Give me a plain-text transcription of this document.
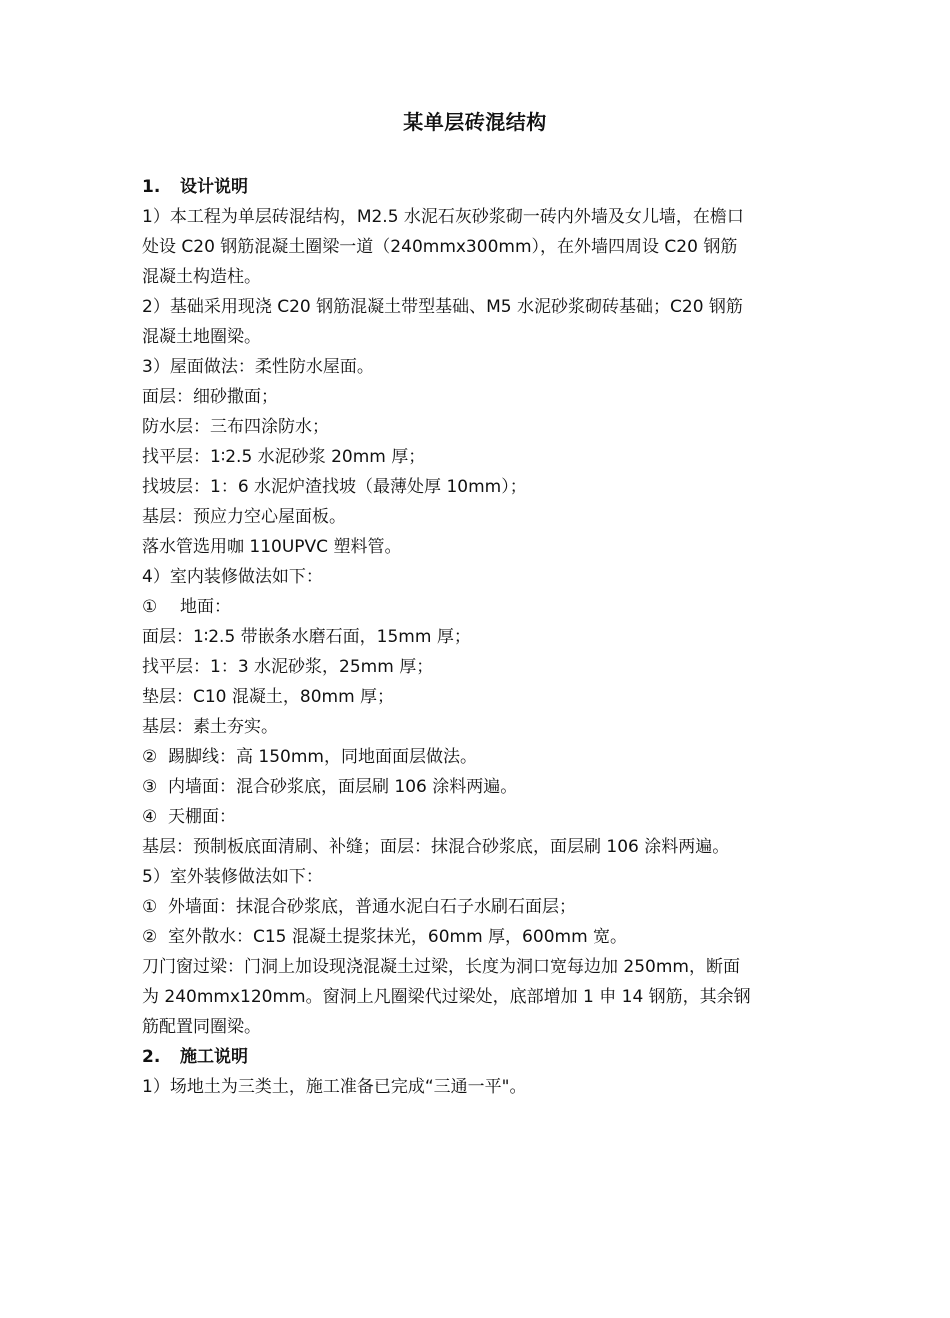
某单层砖混结构
1. 设计说明
1）本工程为单层砖混结构，M2.5 水泥石灰砂浆砌一砖内外墙及女儿墙，在檐口
处设 C20 钢筋混凝土圈梁一道（240mmx300mm），在外墙四周设 C20 钢筋
混凝土构造柱。
2）基础采用现浇 C20 钢筋混凝土带型基础、M5 水泥砂浆砌砖基础；C20 钢筋
混凝土地圈梁。
3）屋面做法：柔性防水屋面。
面层：细砂撒面；
防水层：三布四涂防水；
找平层：1∶2.5 水泥砂浆 20mm 厚；
找坡层：1：6 水泥炉渣找坡（最薄处厚 10mm）；
基层：预应力空心屋面板。
落水管选用咖 110UPVC 塑料管。
4）室内装修做法如下：
① 地面：
面层：1∶2.5 带嵌条水磨石面，15mm 厚；
找平层：1：3 水泥砂浆，25mm 厚；
垫层：C10 混凝土，80mm 厚；
基层：素土夯实。
② 踢脚线：高 150mm，同地面面层做法。
③ 内墙面：混合砂浆底，面层刷 106 涂料两遍。
④ 天棚面：
基层：预制板底面清刷、补缝；面层：抹混合砂浆底，面层刷 106 涂料两遍。
5）室外装修做法如下：
① 外墙面：抹混合砂浆底，普通水泥白石子水刷石面层；
② 室外散水：C15 混凝土提浆抹光，60mm 厚，600mm 宽。
刀门窗过梁：门洞上加设现浇混凝土过梁，长度为洞口宽每边加 250mm，断面
为 240mmx120mm。窗洞上凡圈梁代过梁处，底部增加 1 申 14 钢筋，其余钢
筋配置同圈梁。
2. 施工说明
1）场地土为三类土，施工准备已完成“三通一平"。
